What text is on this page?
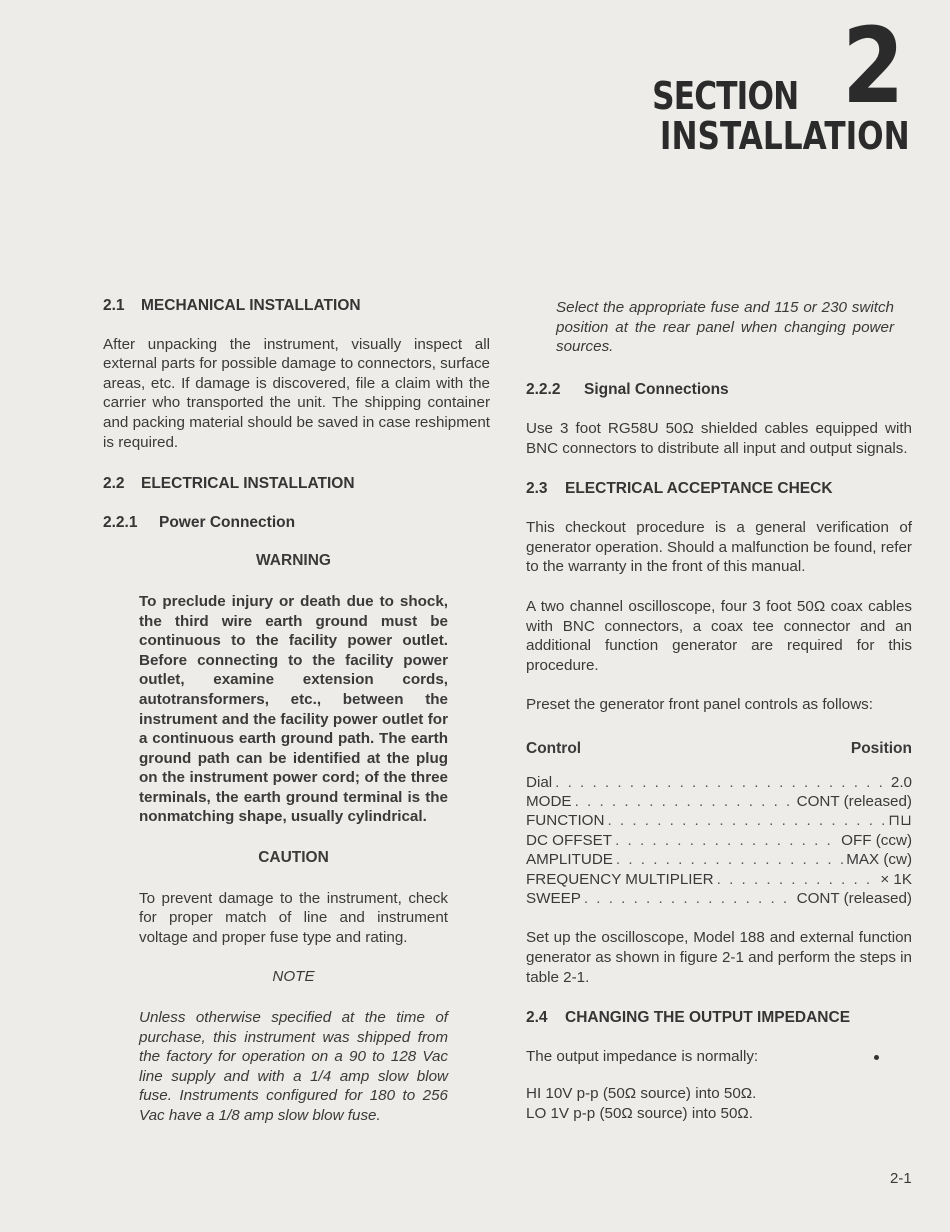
SECTION 2
INSTALLATION
2.1 MECHANICAL INSTALLATION

After unpacking the instrument, visually inspect all external parts for possible damage to connectors, surface areas, etc. If damage is discovered, file a claim with the carrier who transported the unit. The shipping container and packing material should be saved in case reshipment is required.

2.2 ELECTRICAL INSTALLATION
2.2.1 Power Connection
WARNING

To preclude injury or death due to shock, the third wire earth ground must be continuous to the facility power outlet. Before connecting to the facility power outlet, examine extension cords, autotransformers, etc., between the instrument and the facility power outlet for a continuous earth ground path. The earth ground path can be identified at the plug on the instrument power cord; of the three terminals, the earth ground terminal is the nonmatching shape, usually cylindrical.

CAUTION

To prevent damage to the instrument, check for proper match of line and instrument voltage and proper fuse type and rating.

NOTE

Unless otherwise specified at the time of purchase, this instrument was shipped from the factory for operation on a 90 to 128 Vac line supply and with a 1/4 amp slow blow fuse. Instruments configured for 180 to 256 Vac have a 1/8 amp slow blow fuse.

Select the appropriate fuse and 115 or 230 switch position at the rear panel when changing power sources.

2.2.2 Signal Connections

Use 3 foot RG58U 50Ω shielded cables equipped with BNC connectors to distribute all input and output signals.

2.3 ELECTRICAL ACCEPTANCE CHECK

This checkout procedure is a general verification of generator operation. Should a malfunction be found, refer to the warranty in the front of this manual.

A two channel oscilloscope, four 3 foot 50Ω coax cables with BNC connectors, a coax tee connector and an additional function generator are required for this procedure.

Preset the generator front panel controls as follows:

Control	Position
Dial . . .	2.0
MODE . . .	CONT (released)
FUNCTION . . .	⊓⊔
DC OFFSET . . .	OFF (ccw)
AMPLITUDE . . .	MAX (cw)
FREQUENCY MULTIPLIER . . .	× 1K
SWEEP . . .	CONT (released)

Set up the oscilloscope, Model 188 and external function generator as shown in figure 2-1 and perform the steps in table 2-1.

2.4 CHANGING THE OUTPUT IMPEDANCE

The output impedance is normally:

HI 10V p-p (50Ω source) into 50Ω.

LO 1V p-p (50Ω source) into 50Ω.

2-1
